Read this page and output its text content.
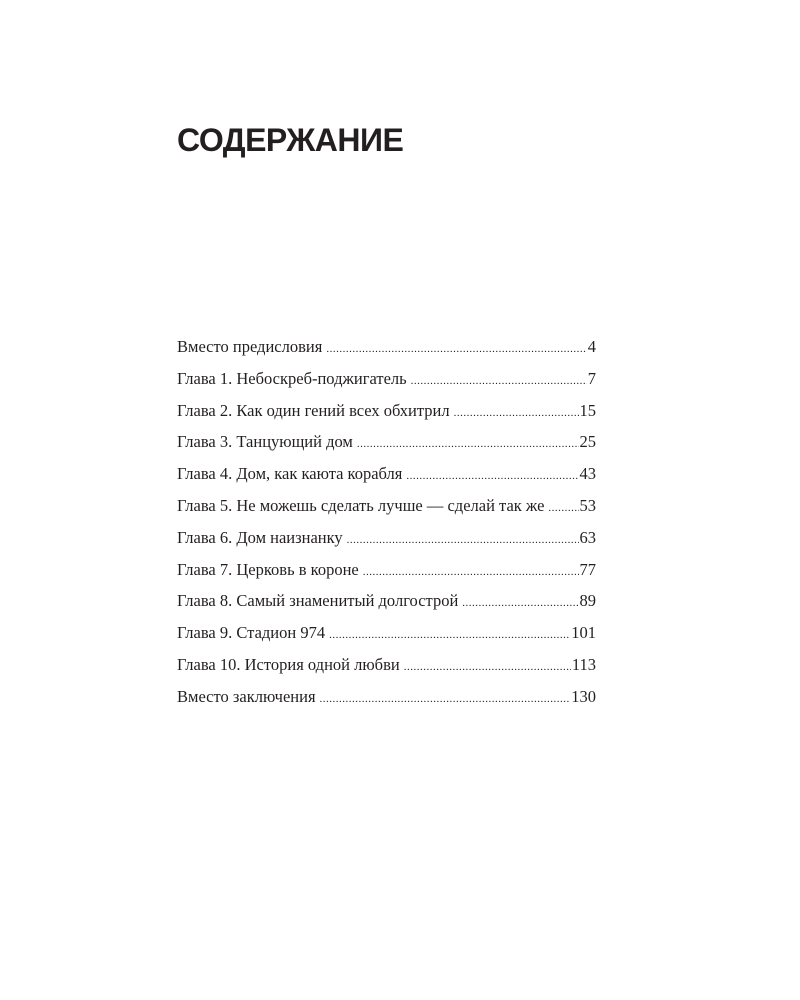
СОДЕРЖАНИЕ
Вместо предисловия .....	4
Глава 1. Небоскреб-поджигатель .....	7
Глава 2. Как один гений всех обхитрил .....	15
Глава 3. Танцующий дом .....	25
Глава 4. Дом, как каюта корабля .....	43
Глава 5. Не можешь сделать лучше — сделай так же ..... 53
Глава 6. Дом наизнанку .....	63
Глава 7. Церковь в короне .....	77
Глава 8. Самый знаменитый долгострой .....	89
Глава 9. Стадион 974 .....	101
Глава 10. История одной любви .....	113
Вместо заключения .....	130
